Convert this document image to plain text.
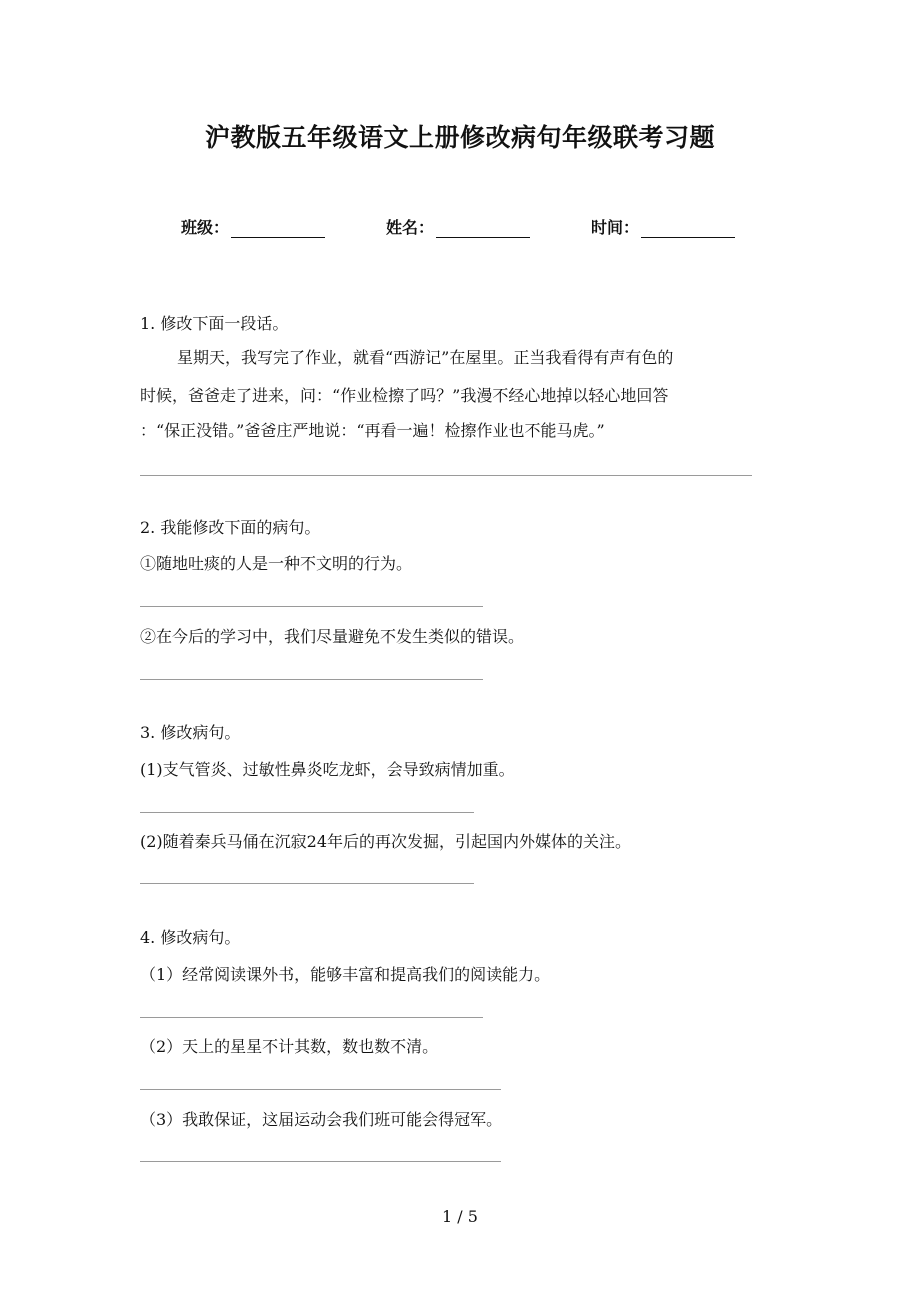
沪教版五年级语文上册修改病句年级联考习题
班级：	姓名：	时间：
1. 修改下面一段话。
星期天，我写完了作业，就看“西游记”在屋里。正当我看得有声有色的
时候，爸爸走了进来，问：“作业检擦了吗？”我漫不经心地掉以轻心地回答
：“保正没错。”爸爸庄严地说：“再看一遍！检擦作业也不能马虎。”
2. 我能修改下面的病句。
①随地吐痰的人是一种不文明的行为。
②在今后的学习中，我们尽量避免不发生类似的错误。
3. 修改病句。
(1)支气管炎、过敏性鼻炎吃龙虾，会导致病情加重。
(2)随着秦兵马俑在沉寂24年后的再次发掘，引起国内外媒体的关注。
4. 修改病句。
（1）经常阅读课外书，能够丰富和提高我们的阅读能力。
（2）天上的星星不计其数，数也数不清。
（3）我敢保证，这届运动会我们班可能会得冠军。
1 / 5
